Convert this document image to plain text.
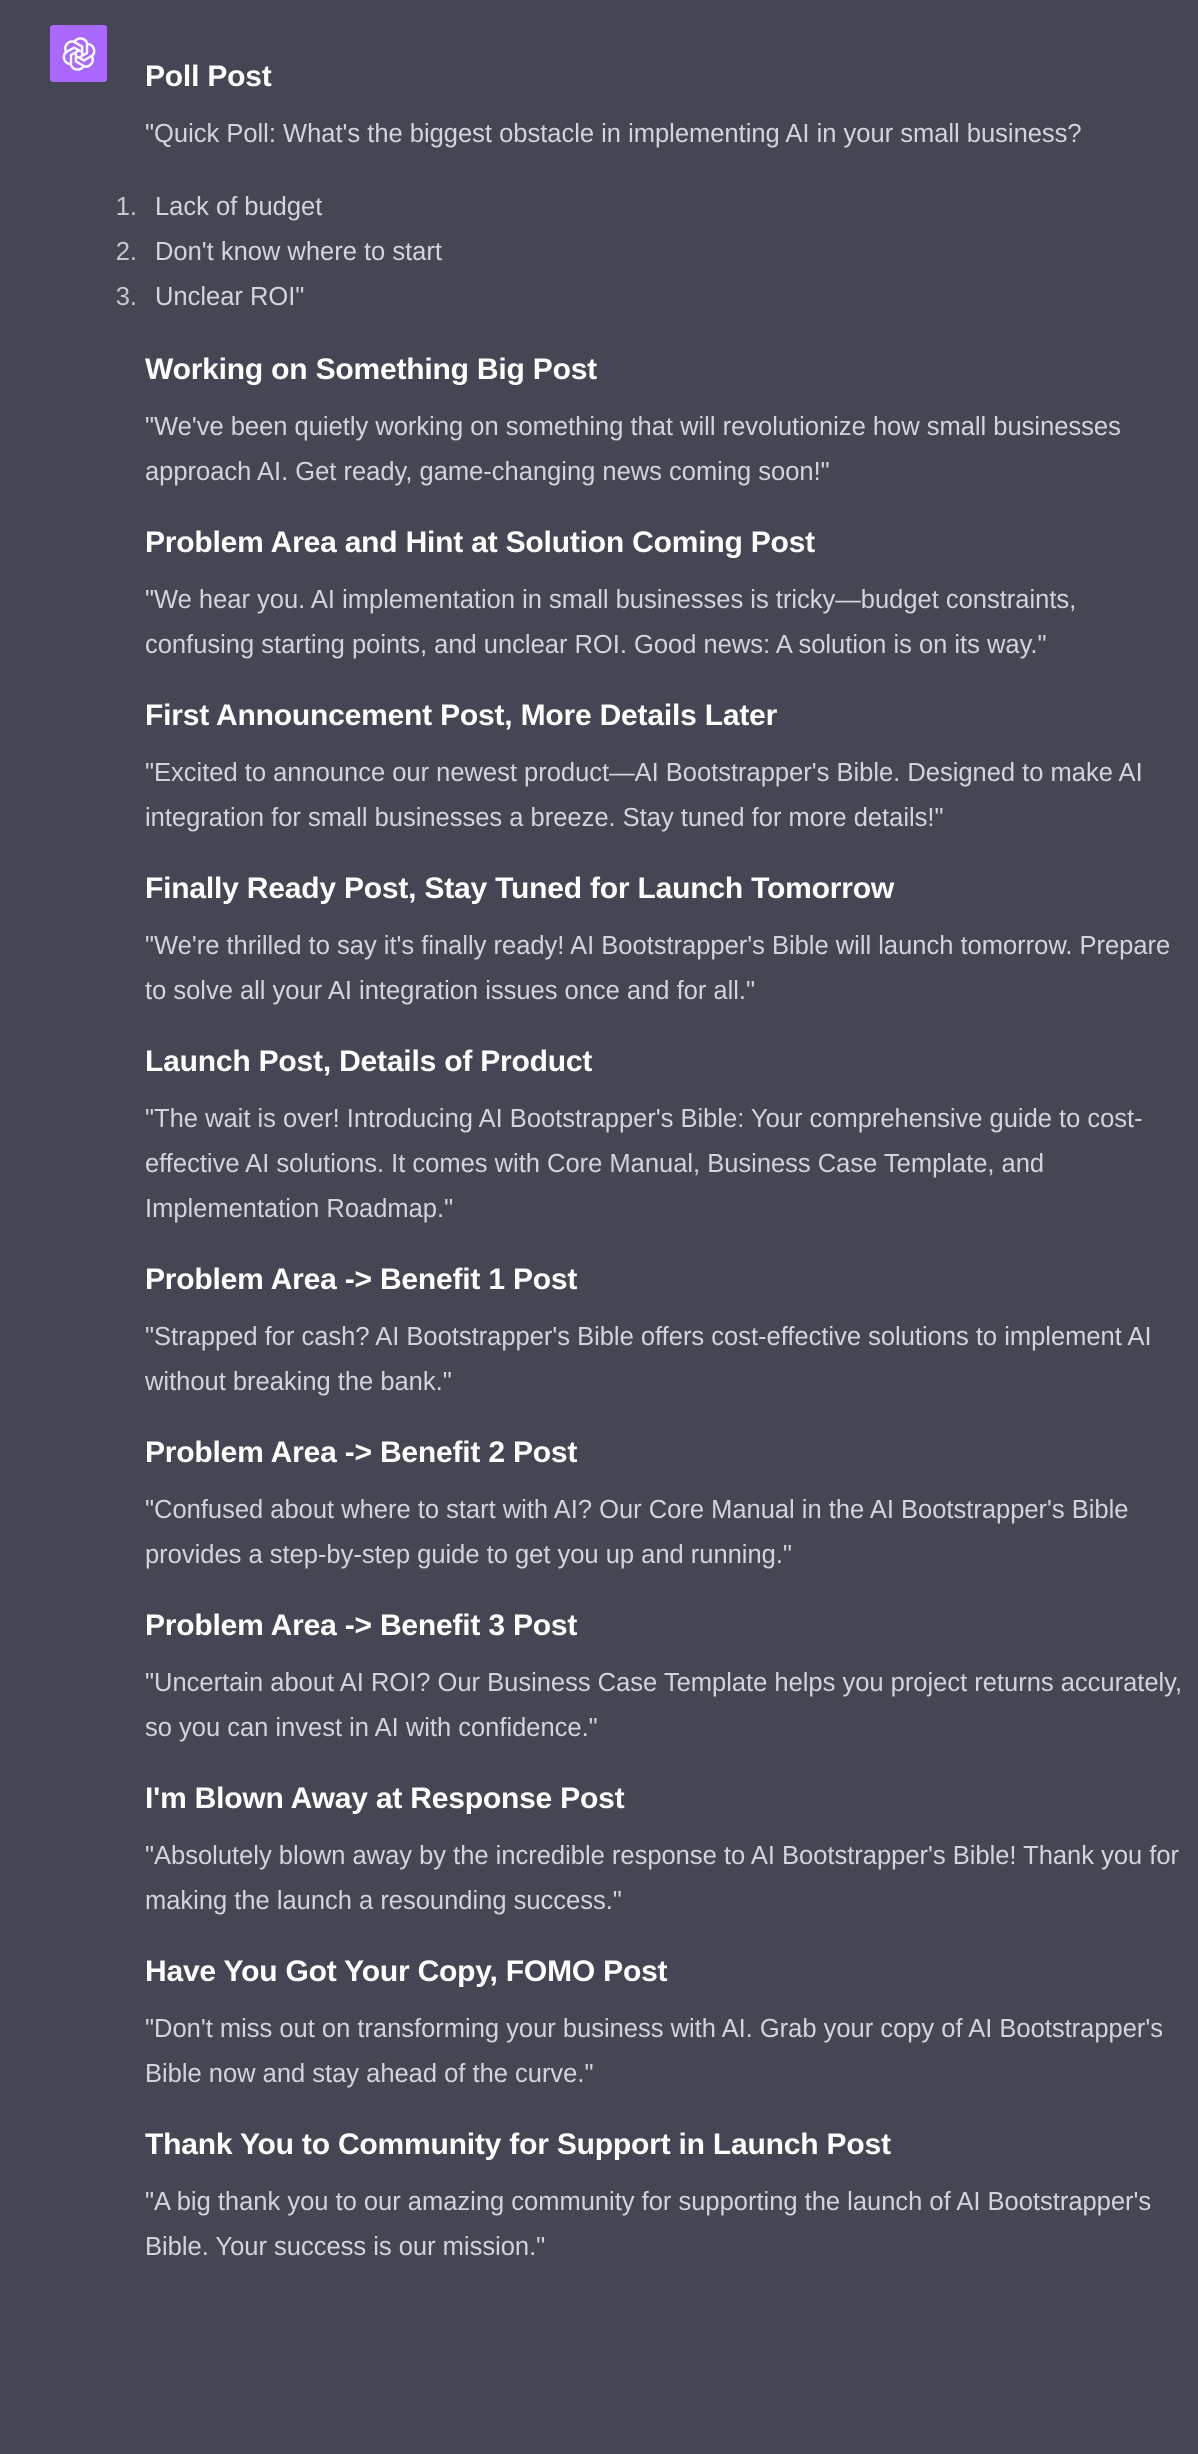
Poll Post

"Quick Poll: What's the biggest obstacle in implementing AI in your small business?

1. Lack of budget
2. Don't know where to start
3. Unclear ROI"
Working on Something Big Post

"We've been quietly working on something that will revolutionize how small businesses approach AI. Get ready, game-changing news coming soon!"

Problem Area and Hint at Solution Coming Post

"We hear you. AI implementation in small businesses is tricky—budget constraints, confusing starting points, and unclear ROI. Good news: A solution is on its way."

First Announcement Post, More Details Later

"Excited to announce our newest product—AI Bootstrapper's Bible. Designed to make AI integration for small businesses a breeze. Stay tuned for more details!"

Finally Ready Post, Stay Tuned for Launch Tomorrow

"We're thrilled to say it's finally ready! AI Bootstrapper's Bible will launch tomorrow. Prepare to solve all your AI integration issues once and for all."

Launch Post, Details of Product

"The wait is over! Introducing AI Bootstrapper's Bible: Your comprehensive guide to cost-effective AI solutions. It comes with Core Manual, Business Case Template, and Implementation Roadmap."

Problem Area -> Benefit 1 Post

"Strapped for cash? AI Bootstrapper's Bible offers cost-effective solutions to implement AI without breaking the bank."

Problem Area -> Benefit 2 Post

"Confused about where to start with AI? Our Core Manual in the AI Bootstrapper's Bible provides a step-by-step guide to get you up and running."

Problem Area -> Benefit 3 Post

"Uncertain about AI ROI? Our Business Case Template helps you project returns accurately, so you can invest in AI with confidence."

I'm Blown Away at Response Post

"Absolutely blown away by the incredible response to AI Bootstrapper's Bible! Thank you for making the launch a resounding success."

Have You Got Your Copy, FOMO Post

"Don't miss out on transforming your business with AI. Grab your copy of AI Bootstrapper's Bible now and stay ahead of the curve."

Thank You to Community for Support in Launch Post

"A big thank you to our amazing community for supporting the launch of AI Bootstrapper's Bible. Your success is our mission."
